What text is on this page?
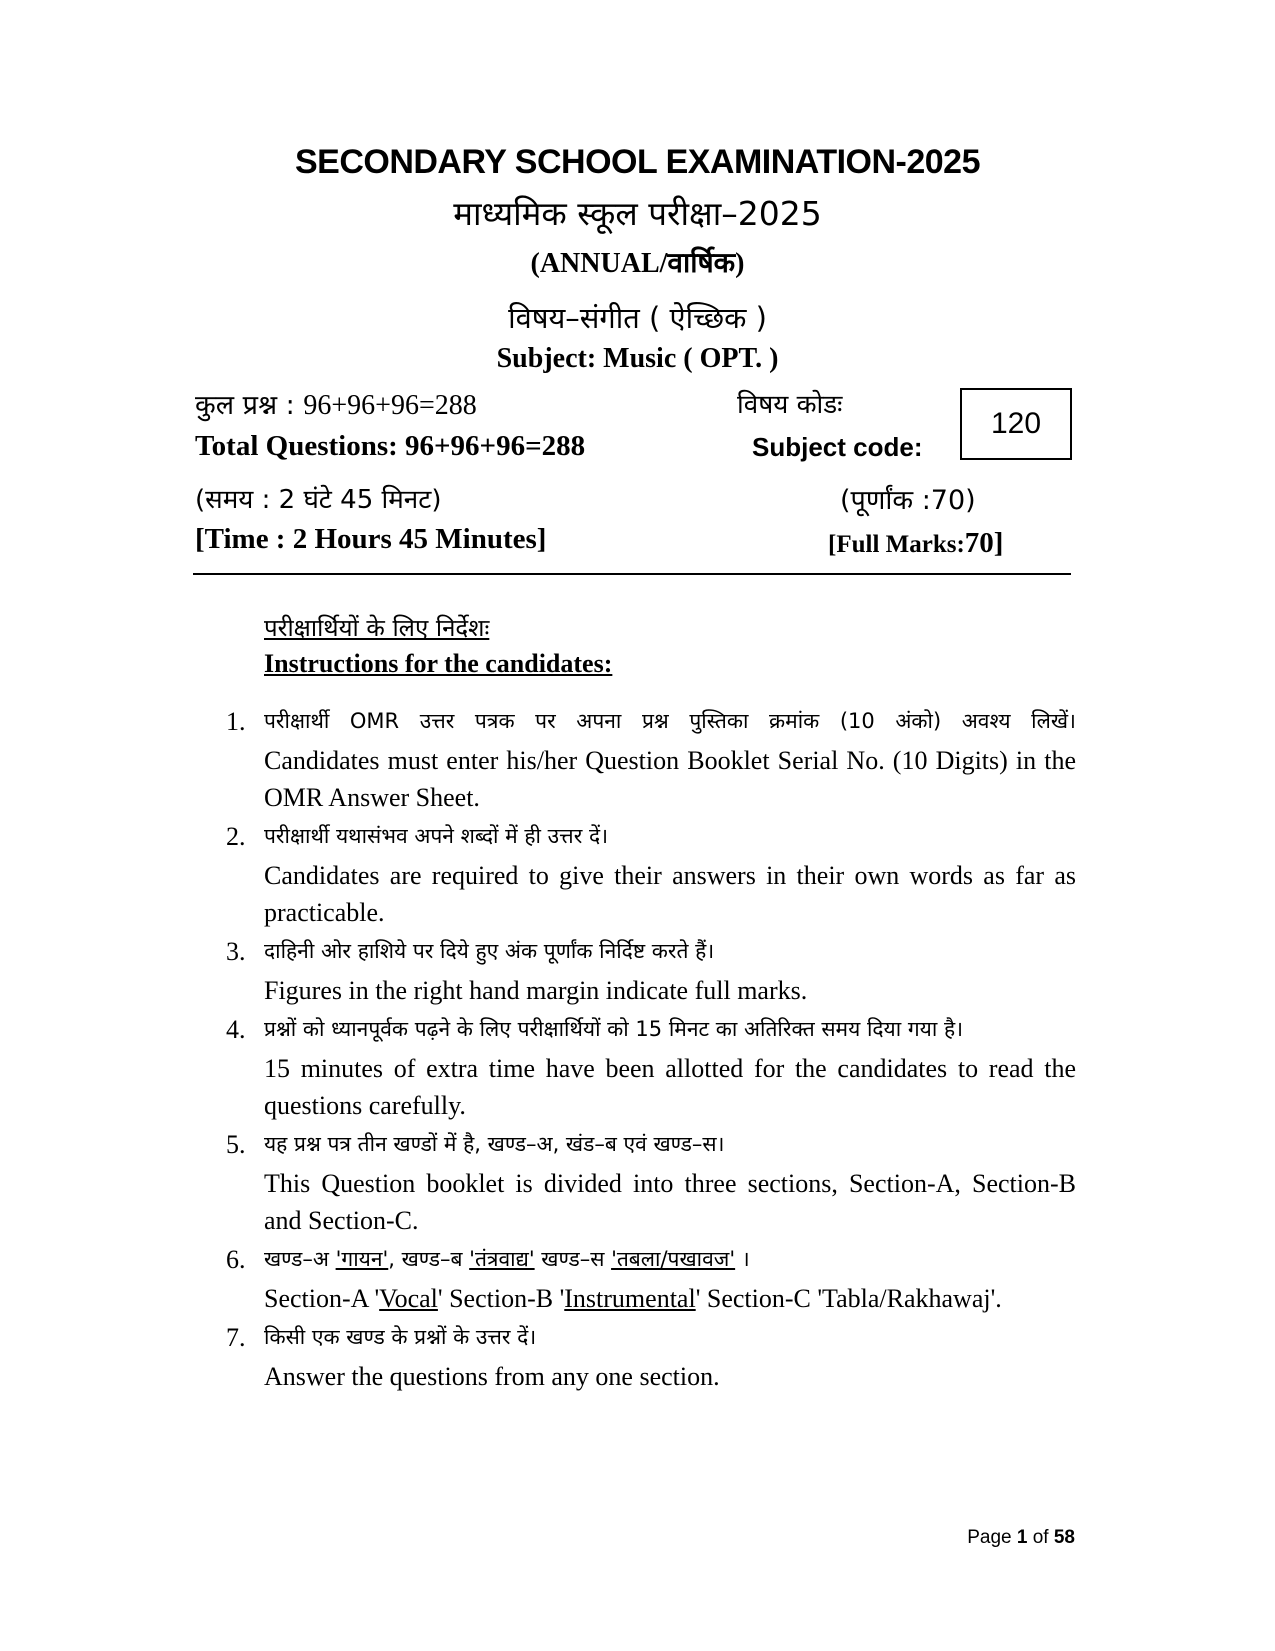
SECONDARY SCHOOL EXAMINATION-2025
माध्यमिक स्कूल परीक्षा–2025
(ANNUAL/वार्षिक)
विषय–संगीत ( ऐच्छिक )
Subject: Music ( OPT. )
कुल प्रश्न : 96+96+96=288
Total Questions: 96+96+96=288
विषय कोडः
Subject code:
120
(समय : 2 घंटे 45 मिनट)
[Time : 2 Hours 45 Minutes]
(पूर्णांक :70)
[Full Marks:70]
परीक्षार्थियों के लिए निर्देशः
Instructions for the candidates:
1. परीक्षार्थी OMR उत्तर पत्रक पर अपना प्रश्न पुस्तिका क्रमांक (10 अंको) अवश्य लिखें।
Candidates must enter his/her Question Booklet Serial No. (10 Digits) in the OMR Answer Sheet.
2. परीक्षार्थी यथासंभव अपने शब्दों में ही उत्तर दें।
Candidates are required to give their answers in their own words as far as practicable.
3. दाहिनी ओर हाशिये पर दिये हुए अंक पूर्णांक निर्दिष्ट करते हैं।
Figures in the right hand margin indicate full marks.
4. प्रश्नों को ध्यानपूर्वक पढ़ने के लिए परीक्षार्थियों को 15 मिनट का अतिरिक्त समय दिया गया है।
15 minutes of extra time have been allotted for the candidates to read the questions carefully.
5. यह प्रश्न पत्र तीन खण्डों में है, खण्ड–अ, खंड–ब एवं खण्ड–स।
This Question booklet is divided into three sections, Section-A, Section-B and Section-C.
6. खण्ड–अ 'गायन', खण्ड–ब 'तंत्रवाद्य' खण्ड–स 'तबला/पखावज' ।
Section-A 'Vocal' Section-B 'Instrumental' Section-C 'Tabla/Rakhawaj'.
7. किसी एक खण्ड के प्रश्नों के उत्तर दें।
Answer the questions from any one section.
Page 1 of 58
